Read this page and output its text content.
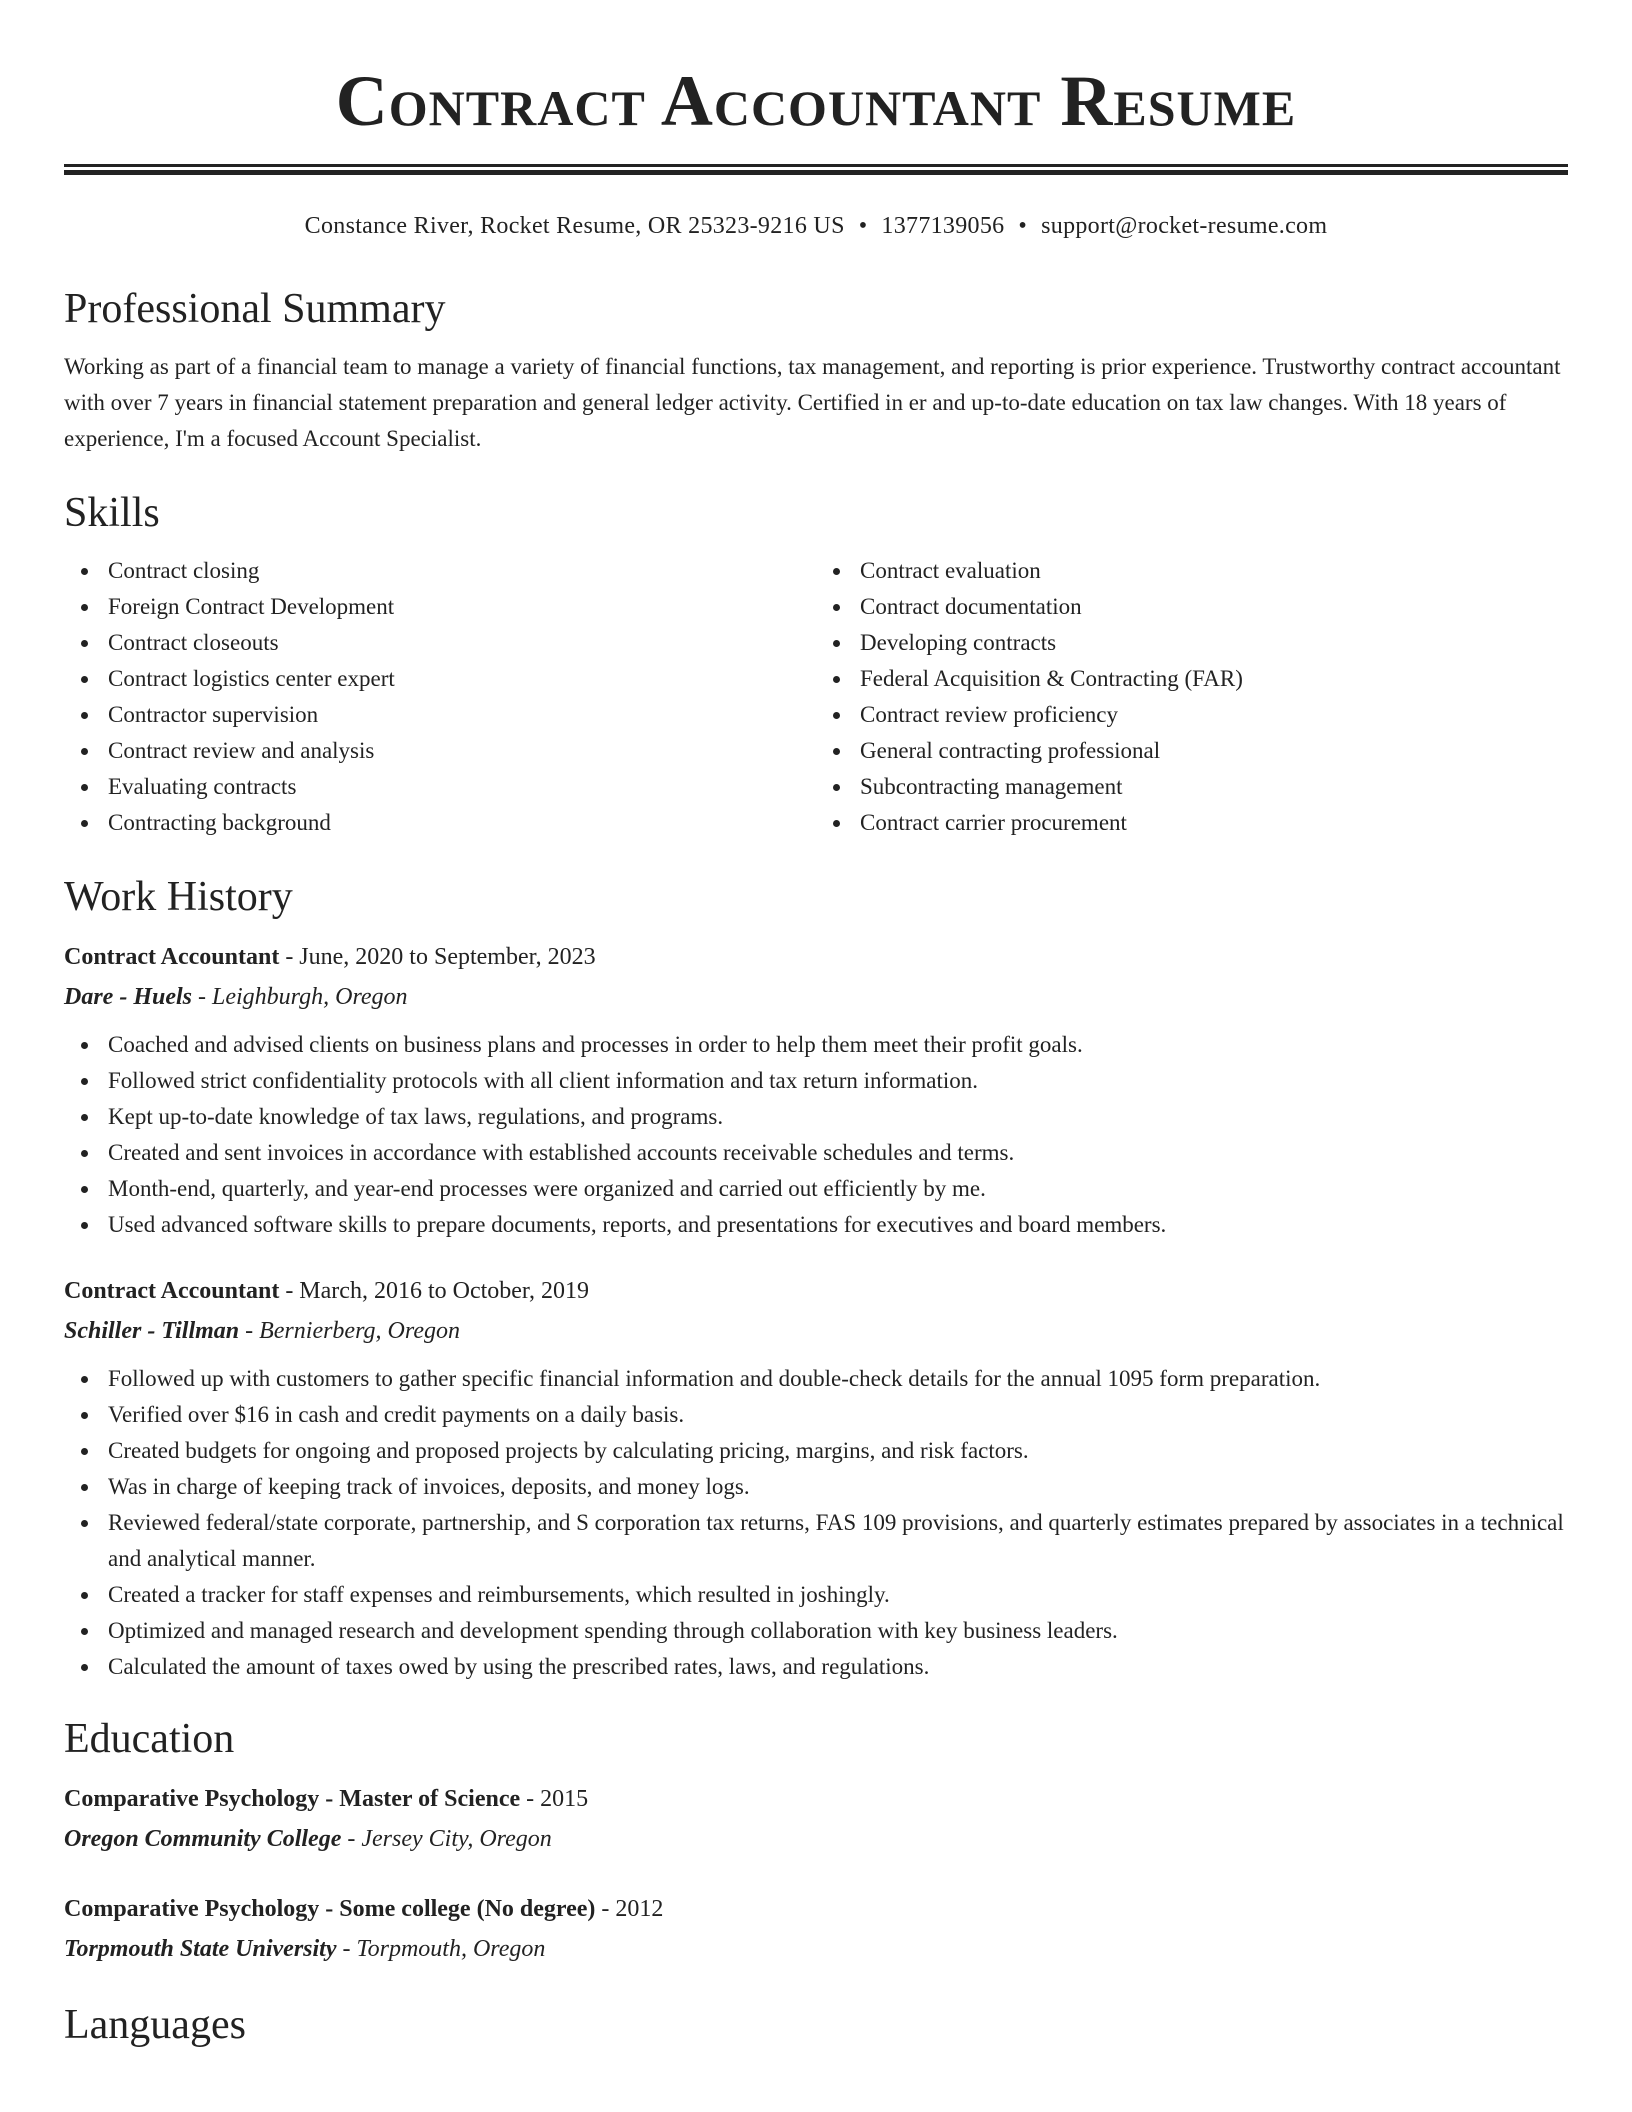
Contract Accountant Resume
Constance River, Rocket Resume, OR 25323-9216 US • 1377139056 • support@rocket-resume.com
Professional Summary

Working as part of a financial team to manage a variety of financial functions, tax management, and reporting is prior experience. Trustworthy contract accountant with over 7 years in financial statement preparation and general ledger activity. Certified in er and up-to-date education on tax law changes. With 18 years of experience, I'm a focused Account Specialist.

Skills
Contract closing
Foreign Contract Development
Contract closeouts
Contract logistics center expert
Contractor supervision
Contract review and analysis
Evaluating contracts
Contracting background
Contract evaluation
Contract documentation
Developing contracts
Federal Acquisition & Contracting (FAR)
Contract review proficiency
General contracting professional
Subcontracting management
Contract carrier procurement
Work History
Contract Accountant - June, 2020 to September, 2023
Dare - Huels - Leighburgh, Oregon
Coached and advised clients on business plans and processes in order to help them meet their profit goals.
Followed strict confidentiality protocols with all client information and tax return information.
Kept up-to-date knowledge of tax laws, regulations, and programs.
Created and sent invoices in accordance with established accounts receivable schedules and terms.
Month-end, quarterly, and year-end processes were organized and carried out efficiently by me.
Used advanced software skills to prepare documents, reports, and presentations for executives and board members.
Contract Accountant - March, 2016 to October, 2019
Schiller - Tillman - Bernierberg, Oregon
Followed up with customers to gather specific financial information and double-check details for the annual 1095 form preparation.
Verified over $16 in cash and credit payments on a daily basis.
Created budgets for ongoing and proposed projects by calculating pricing, margins, and risk factors.
Was in charge of keeping track of invoices, deposits, and money logs.
Reviewed federal/state corporate, partnership, and S corporation tax returns, FAS 109 provisions, and quarterly estimates prepared by associates in a technical and analytical manner.
Created a tracker for staff expenses and reimbursements, which resulted in joshingly.
Optimized and managed research and development spending through collaboration with key business leaders.
Calculated the amount of taxes owed by using the prescribed rates, laws, and regulations.
Education
Comparative Psychology - Master of Science - 2015
Oregon Community College - Jersey City, Oregon
Comparative Psychology - Some college (No degree) - 2012
Torpmouth State University - Torpmouth, Oregon
Languages
